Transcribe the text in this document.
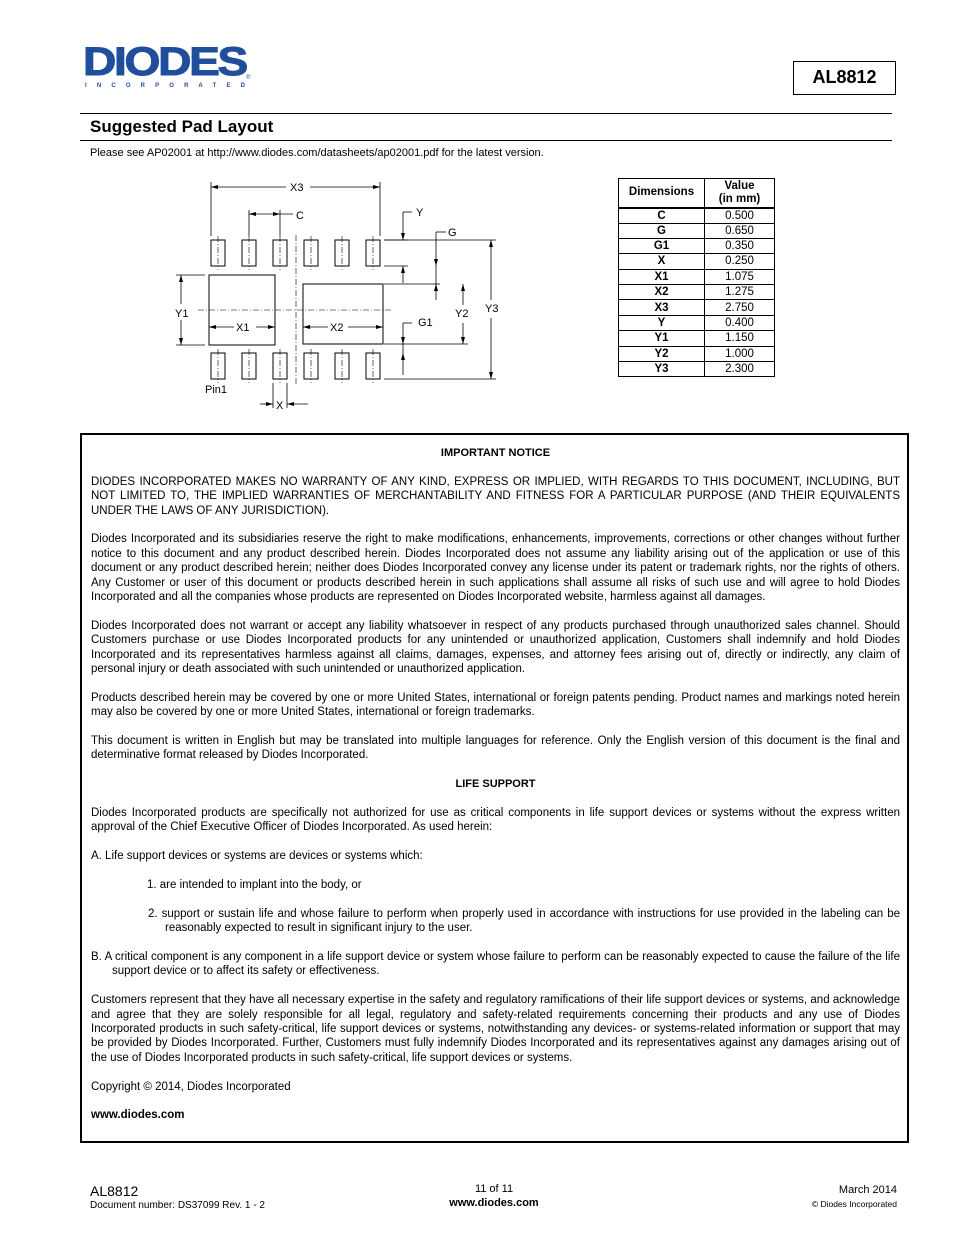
DIODES
I N C O R P O R A T E D
®	AL8812
Suggested Pad Layout
Please see AP02001 at http://www.diodes.com/datasheets/ap02001.pdf for the latest version.
X3
C	Y
G
Y1
X1	X2	G1
Y2 Y3
Pin1
X
Dimensions	Value
(in mm)
C	0.500
G	0.650
G1	0.350
X	0.250
X1	1.075
X2	1.275
X3	2.750
Y	0.400
Y1	1.150
Y2	1.000
Y3	2.300
IMPORTANT NOTICE

DIODES INCORPORATED MAKES NO WARRANTY OF ANY KIND, EXPRESS OR IMPLIED, WITH REGARDS TO THIS DOCUMENT, INCLUDING, BUT NOT LIMITED TO, THE IMPLIED WARRANTIES OF MERCHANTABILITY AND FITNESS FOR A PARTICULAR PURPOSE (AND THEIR EQUIVALENTS UNDER THE LAWS OF ANY JURISDICTION).

Diodes Incorporated and its subsidiaries reserve the right to make modifications, enhancements, improvements, corrections or other changes without further notice to this document and any product described herein. Diodes Incorporated does not assume any liability arising out of the application or use of this document or any product described herein; neither does Diodes Incorporated convey any license under its patent or trademark rights, nor the rights of others. Any Customer or user of this document or products described herein in such applications shall assume all risks of such use and will agree to hold Diodes Incorporated and all the companies whose products are represented on Diodes Incorporated website, harmless against all damages.

Diodes Incorporated does not warrant or accept any liability whatsoever in respect of any products purchased through unauthorized sales channel. Should Customers purchase or use Diodes Incorporated products for any unintended or unauthorized application, Customers shall indemnify and hold Diodes Incorporated and its representatives harmless against all claims, damages, expenses, and attorney fees arising out of, directly or indirectly, any claim of personal injury or death associated with such unintended or unauthorized application.

Products described herein may be covered by one or more United States, international or foreign patents pending. Product names and markings noted herein may also be covered by one or more United States, international or foreign trademarks.

This document is written in English but may be translated into multiple languages for reference. Only the English version of this document is the final and determinative format released by Diodes Incorporated.

LIFE SUPPORT

Diodes Incorporated products are specifically not authorized for use as critical components in life support devices or systems without the express written approval of the Chief Executive Officer of Diodes Incorporated. As used herein:

A. Life support devices or systems are devices or systems which:

1. are intended to implant into the body, or

2. support or sustain life and whose failure to perform when properly used in accordance with instructions for use provided in the labeling can be reasonably expected to result in significant injury to the user.

B. A critical component is any component in a life support device or system whose failure to perform can be reasonably expected to cause the failure of the life support device or to affect its safety or effectiveness.

Customers represent that they have all necessary expertise in the safety and regulatory ramifications of their life support devices or systems, and acknowledge and agree that they are solely responsible for all legal, regulatory and safety-related requirements concerning their products and any use of Diodes Incorporated products in such safety-critical, life support devices or systems, notwithstanding any devices- or systems-related information or support that may be provided by Diodes Incorporated. Further, Customers must fully indemnify Diodes Incorporated and its representatives against any damages arising out of the use of Diodes Incorporated products in such safety-critical, life support devices or systems.

Copyright © 2014, Diodes Incorporated

www.diodes.com

AL8812
Document number: DS37099 Rev. 1 - 2
11 of 11
www.diodes.com
March 2014
© Diodes Incorporated
